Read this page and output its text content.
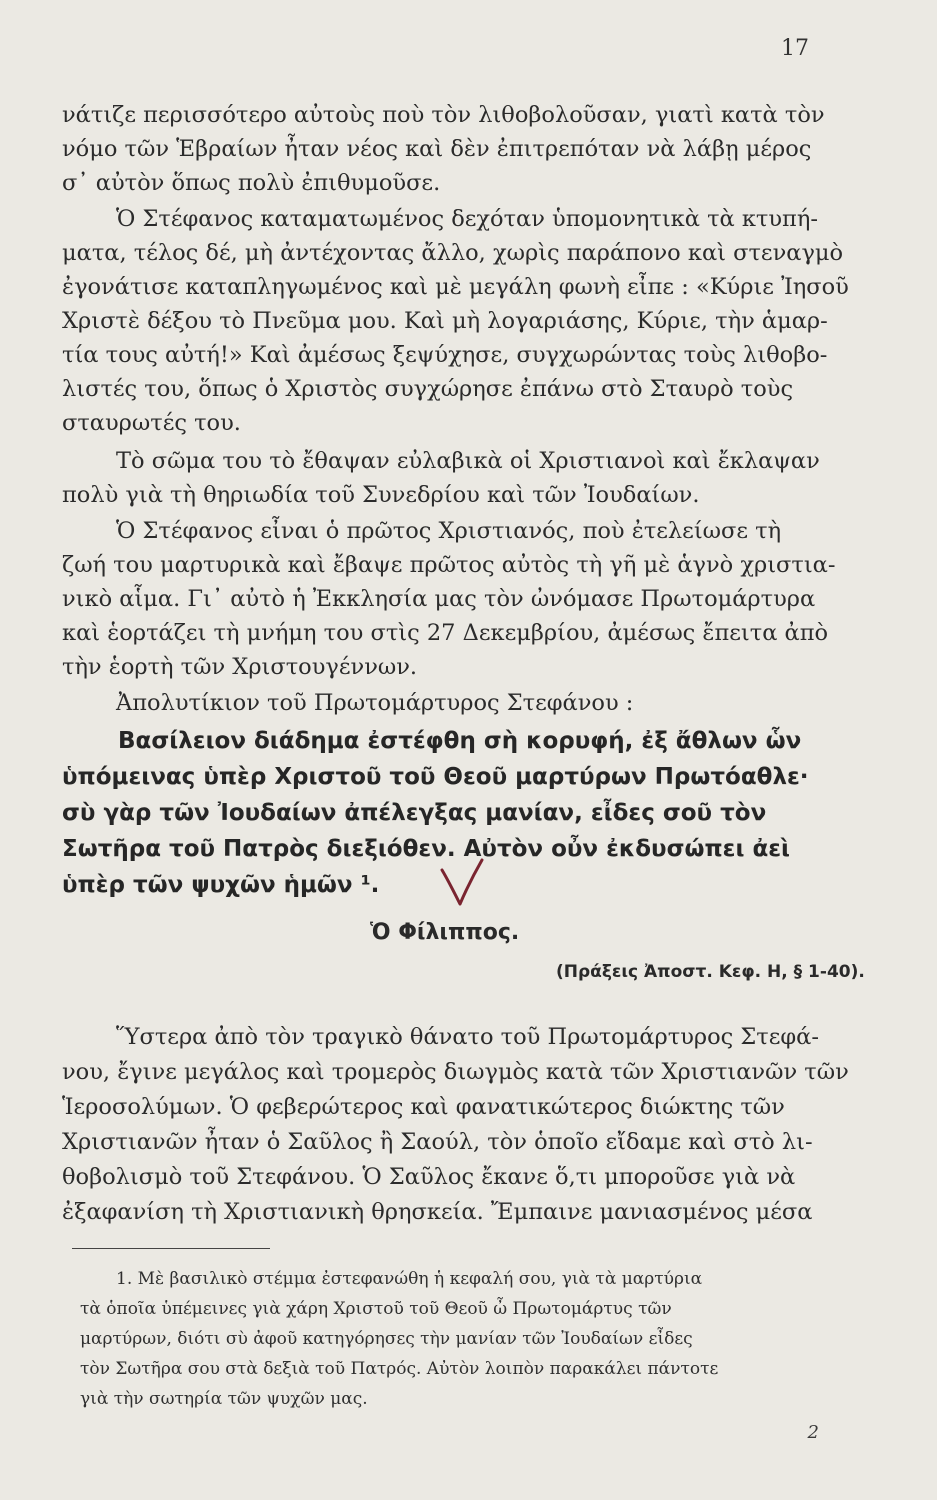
17
νάτιζε περισσότερο αὐτοὺς ποὺ τὸν λιθοβολοῦσαν, γιατὶ κατὰ τὸν
νόμο τῶν Ἑβραίων ἦταν νέος καὶ δὲν ἐπιτρεπόταν νὰ λάβῃ μέρος
σ᾽ αὐτὸν ὅπως πολὺ ἐπιθυμοῦσε.
Ὁ Στέφανος καταματωμένος δεχόταν ὑπομονητικὰ τὰ κτυπή-
ματα, τέλος δέ, μὴ ἀντέχοντας ἄλλο, χωρὶς παράπονο καὶ στεναγμὸ
ἐγονάτισε καταπληγωμένος καὶ μὲ μεγάλη φωνὴ εἶπε : «Κύριε Ἰησοῦ
Χριστὲ δέξου τὸ Πνεῦμα μου. Καὶ μὴ λογαριάσης, Κύριε, τὴν ἁμαρ-
τία τους αὐτή!» Καὶ ἀμέσως ξεψύχησε, συγχωρώντας τοὺς λιθοβο-
λιστές του, ὅπως ὁ Χριστὸς συγχώρησε ἐπάνω στὸ Σταυρὸ τοὺς
σταυρωτές του.
Τὸ σῶμα του τὸ ἔθαψαν εὐλαβικὰ οἱ Χριστιανοὶ καὶ ἔκλαψαν
πολὺ γιὰ τὴ θηριωδία τοῦ Συνεδρίου καὶ τῶν Ἰουδαίων.
Ὁ Στέφανος εἶναι ὁ πρῶτος Χριστιανός, ποὺ ἐτελείωσε τὴ
ζωή του μαρτυρικὰ καὶ ἔβαψε πρῶτος αὐτὸς τὴ γῆ μὲ ἁγνὸ χριστια-
νικὸ αἷμα. Γι᾽ αὐτὸ ἡ Ἐκκλησία μας τὸν ὠνόμασε Πρωτομάρτυρα
καὶ ἑορτάζει τὴ μνήμη του στὶς 27 Δεκεμβρίου, ἀμέσως ἔπειτα ἀπὸ
τὴν ἑορτὴ τῶν Χριστουγέννων.
Ἀπολυτίκιον τοῦ Πρωτομάρτυρος Στεφάνου :
Βασίλειον διάδημα ἐστέφθη σὴ κορυφή, ἐξ ἄθλων ὧν
ὑπόμεινας ὑπὲρ Χριστοῦ τοῦ Θεοῦ μαρτύρων Πρωτόαθλε·
σὺ γὰρ τῶν Ἰουδαίων ἀπέλεγξας μανίαν, εἶδες σοῦ τὸν
Σωτῆρα τοῦ Πατρὸς διεξιόθεν. Αὐτὸν οὖν ἐκδυσώπει ἀεὶ
ὑπὲρ τῶν ψυχῶν ἡμῶν ¹.
Ὁ Φίλιππος.
(Πράξεις Ἀποστ. Κεφ. Η, § 1-40).
Ὕστερα ἀπὸ τὸν τραγικὸ θάνατο τοῦ Πρωτομάρτυρος Στεφά-
νου, ἔγινε μεγάλος καὶ τρομερὸς διωγμὸς κατὰ τῶν Χριστιανῶν τῶν
Ἱεροσολύμων. Ὁ φεβερώτερος καὶ φανατικώτερος διώκτης τῶν
Χριστιανῶν ἦταν ὁ Σαῦλος ἢ Σαούλ, τὸν ὁποῖο εἴδαμε καὶ στὸ λι-
θοβολισμὸ τοῦ Στεφάνου. Ὁ Σαῦλος ἔκανε ὅ,τι μποροῦσε γιὰ νὰ
ἐξαφανίση τὴ Χριστιανικὴ θρησκεία. Ἔμπαινε μανιασμένος μέσα
1. Μὲ βασιλικὸ στέμμα ἐστεφανώθη ἡ κεφαλή σου, γιὰ τὰ μαρτύρια
τὰ ὁποῖα ὑπέμεινες γιὰ χάρη Χριστοῦ τοῦ Θεοῦ ὦ Πρωτομάρτυς τῶν
μαρτύρων, διότι σὺ ἀφοῦ κατηγόρησες τὴν μανίαν τῶν Ἰουδαίων εἶδες
τὸν Σωτῆρα σου στὰ δεξιὰ τοῦ Πατρός. Αὐτὸν λοιπὸν παρακάλει πάντοτε
γιὰ τὴν σωτηρία τῶν ψυχῶν μας.
2
